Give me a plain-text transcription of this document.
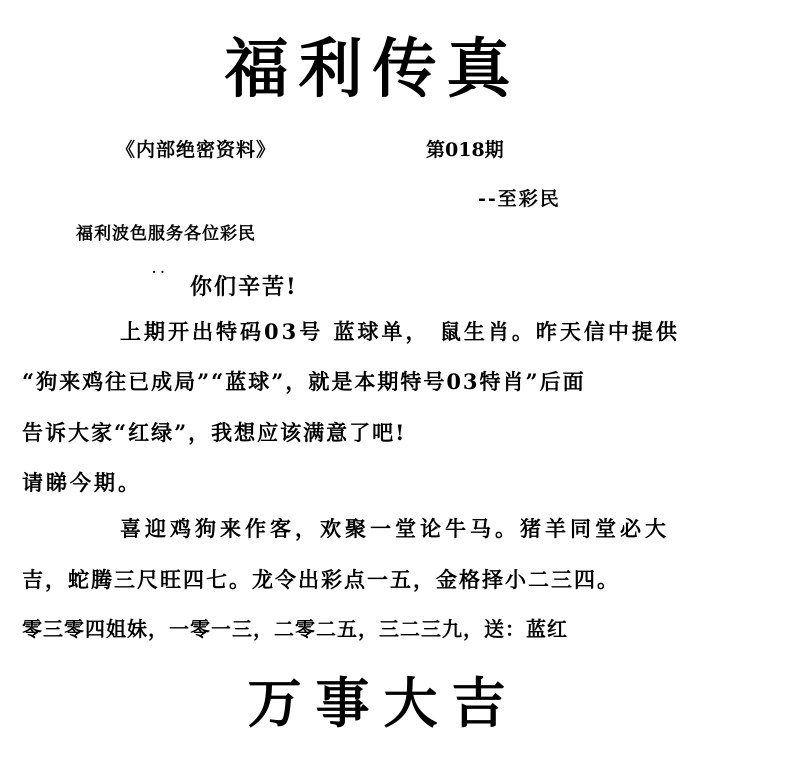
福利传真
《内部绝密资料》	第018期
--至彩民
福利波色服务各位彩民
. .
你们辛苦!
上期开出特码03号 蓝球单， 鼠生肖。昨天信中提供
“狗来鸡往已成局”“蓝球”，就是本期特号03特肖”后面
告诉大家“红绿”，我想应该满意了吧!
请睇今期。
喜迎鸡狗来作客，欢聚一堂论牛马。猪羊同堂必大
吉，蛇腾三尺旺四七。龙令出彩点一五，金格择小二三四。
零三零四姐妹，一零一三，二零二五，三二三九，送：蓝红
万事大吉
